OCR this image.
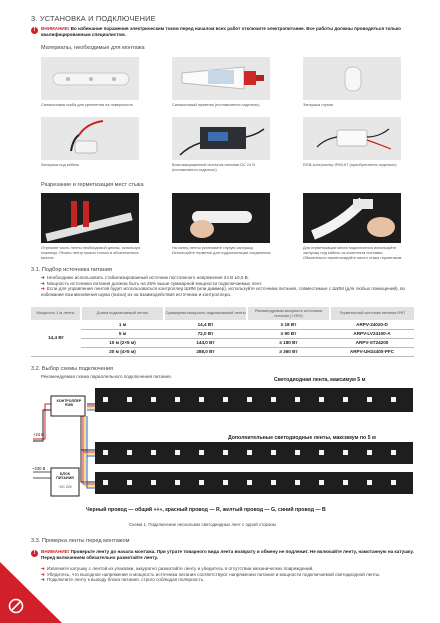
3. УСТАНОВКА И ПОДКЛЮЧЕНИЕ
!	ВНИМАНИЕ! Во избежание поражения электрическим током перед началом всех работ отключите электропитание. Все работы должны проводиться только квалифицированным специалистом.
Материалы, необходимые для монтажа
Силиконовая скоба для крепления на поверхность	Силиконовый герметик (поставляется отдельно)	Заглушка глухая
Заглушка под кабель	Влагозащищенный источник питания DC 24 В (поставляется отдельно)
RGB-контроллер IP65-67 (приобретается отдельно)
Разрезание и герметизация мест стыка
Отрежьте часть ленты необходимой длины, используя ножницы. Резать ленту можно только в обозначенных местах.
На конец ленты установите глухую заглушку. Используйте герметик для гидроизоляции соединения
Для герметизации места подключения используйте заглушку под кабель из комплекта поставки. Обязательно герметизируйте место стыка герметиком
3.1. Подбор источника питания
➔ Необходимо использовать стабилизированный источник постоянного напряжения 24 В ±0,5 В.
➔ Мощность источника питания должна быть на 25% выше суммарной мощности подключаемых лент.
➔ Если для управления лентой будет использоваться контроллер ШИМ (или диммер), используйте источники питания, совместимые с ШИМ (для любых помещений), во избежание возникновения шума (писка) из-за взаимодействия источника и контроллера.
Мощность 1 м ленты	Длина подключаемой ленты	Суммарная мощность подключаемой ленты	Рекомендуемая мощность источника питания (+25%)	Герметичный источник питания IP67
14,4 Вт	1 м	14,4 Вт	≥ 18 Вт	ARPV-24020-D
	5 м	72,0 Вт	≥ 90 Вт	ARPV-LV24100-A
	10 м (2×5 м)	144,0 Вт	≥ 180 Вт	ARPV-ST24200
	20 м (4×5 м)	288,0 Вт	≥ 360 Вт	ARPV-UH24400-PFC
3.2. Выбор схемы подключения
Рекомендуемая схема параллельного подключения питания.
Светодиодная лента, максимум 5 м
Дополнительные светодиодные ленты, максимум по 5 м
+24 В
~230 В
КОНТРОЛЛЕР RGB
БЛОК ПИТАНИЯ
~DC 24V
Черный провод — общий «+», красный провод — R, желтый провод — G, синий провод — B
Схема 1. Подключение нескольких светодиодных лент с одной стороны
3.3. Проверка ленты перед монтажом
!	ВНИМАНИЕ! Проверьте ленту до начала монтажа. При утрате товарного вида лента возврату и обмену не подлежит. Не включайте ленту, намотанную на катушку. Перед включением обязательно размотайте ленту.
➔ Извлеките катушку с лентой из упаковки, аккуратно размотайте ленту и убедитесь в отсутствии механических повреждений.
➔ Убедитесь, что выходное напряжение и мощность источника питания соответствуют напряжению питания и мощности подключаемой светодиодной ленты.
➔ Подключите ленту к выходу блока питания, строго соблюдая полярность.
